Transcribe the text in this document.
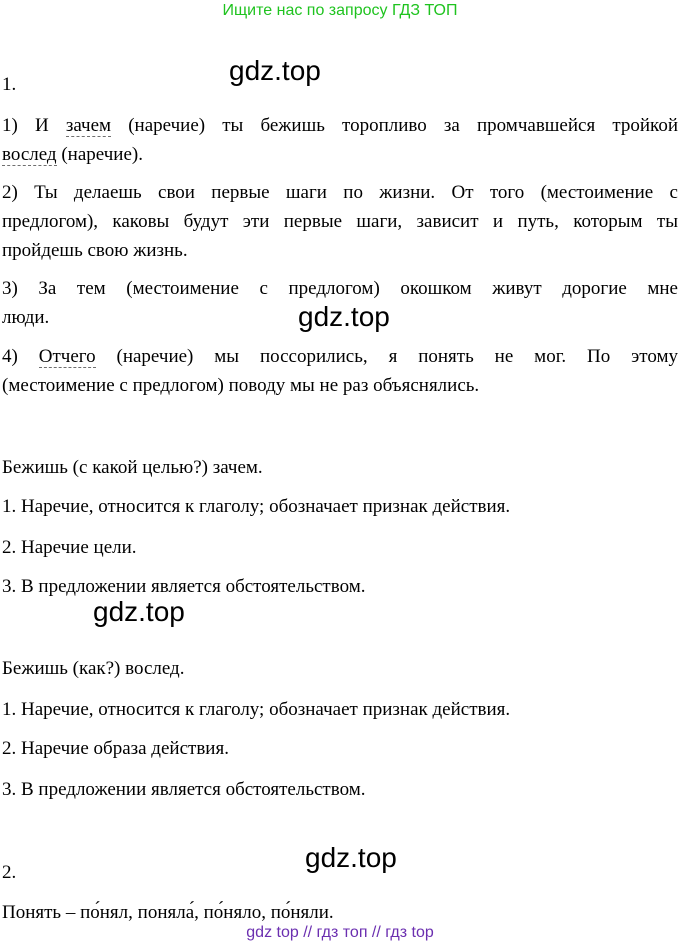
Ищите нас по запросу ГДЗ ТОП
1.	gdz.top
1) И зачем (наречие) ты бежишь торопливо за промчавшейся тройкой
вослед (наречие).
2) Ты делаешь свои первые шаги по жизни. От того (местоимение с
предлогом), каковы будут эти первые шаги, зависит и путь, которым ты
пройдешь свою жизнь.
3) За тем (местоимение с предлогом) окошком живут дорогие мне
люди.	gdz.top
4) Отчего (наречие) мы поссорились, я понять не мог. По этому
(местоимение с предлогом) поводу мы не раз объяснялись.
Бежишь (с какой целью?) зачем.
1. Наречие, относится к глаголу; обозначает признак действия.
2. Наречие цели.
3. В предложении является обстоятельством.
gdz.top
Бежишь (как?) вослед.
1. Наречие, относится к глаголу; обозначает признак действия.
2. Наречие образа действия.
3. В предложении является обстоятельством.
2.	gdz.top
Понять – по́нял, поняла́, по́няло, по́няли.
gdz top // гдз топ // гдз top
